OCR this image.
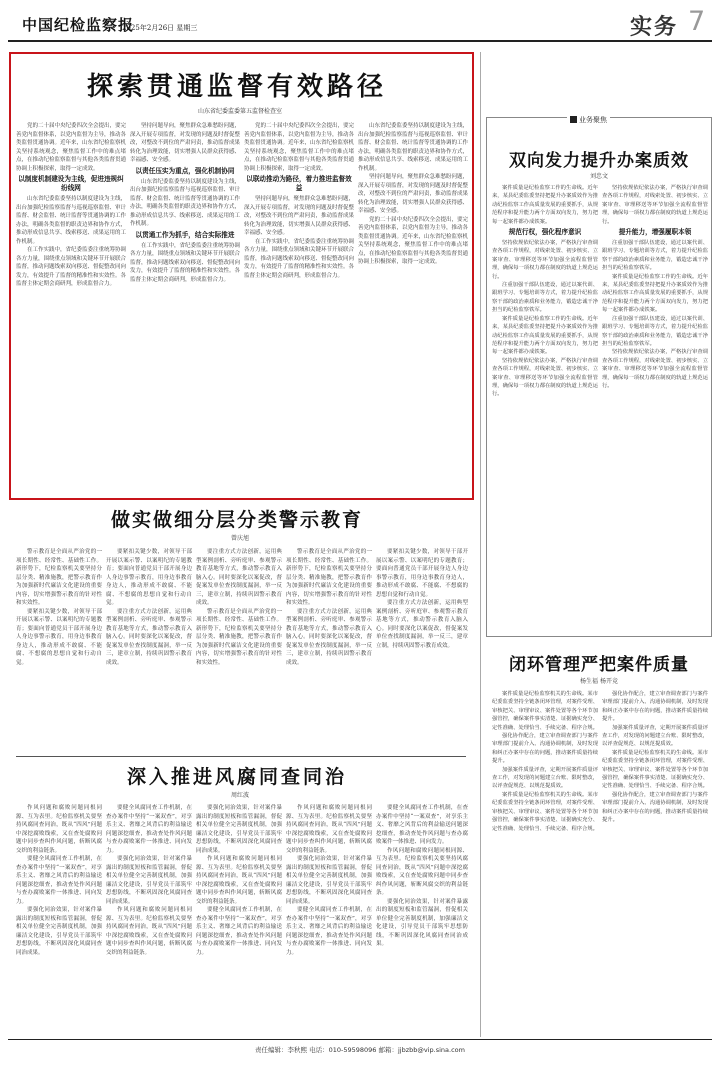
中国纪检监察报
2025年2月26日 星期三	实务 7
探索贯通监督有效路径
山东省纪委监委第五监督检查室

党的二十届中央纪委四次全会提出，要完善党内监督体系，以党内监督为主导，推动各类监督贯通协调。近年来，山东省纪检监察机关坚持系统观念，聚焦监督工作中的难点堵点，在推动纪检监察监督与其他各类监督贯通协调上积极探索，取得一定成效。

以制度机制建设为主线，促进违规纠纷线网

山东省纪委监委坚持以制度建设为主线，出台加强纪检监察监督与巡视巡察监督、审计监督、财会监督、统计监督等贯通协调的工作办法，明确各类监督的职责边界和协作方式，推动形成信息共享、线索移送、成果运用的工作机制。

在工作实践中，省纪委监委注重统筹协调各方力量，围绕重点领域和关键环节开展联合监督，推动问题线索双向移送、督促整改同向发力，有效提升了监督的精准性和实效性。各监督主体定期会商研判，形成监督合力。

坚持问题导向，聚焦群众急难愁盼问题，深入开展专项监督，对发现的问题及时督促整改，对整改不到位的严肃问责，推动监督成果转化为治理效能，切实增强人民群众获得感、幸福感、安全感。

以责任压实为重点，强化机制协同

山东省纪委监委坚持以制度建设为主线，出台加强纪检监察监督与巡视巡察监督、审计监督、财会监督、统计监督等贯通协调的工作办法，明确各类监督的职责边界和协作方式，推动形成信息共享、线索移送、成果运用的工作机制。

以贯通工作为抓手，结合实际推进

在工作实践中，省纪委监委注重统筹协调各方力量，围绕重点领域和关键环节开展联合监督，推动问题线索双向移送、督促整改同向发力，有效提升了监督的精准性和实效性。各监督主体定期会商研判，形成监督合力。

党的二十届中央纪委四次全会提出，要完善党内监督体系，以党内监督为主导，推动各类监督贯通协调。近年来，山东省纪检监察机关坚持系统观念，聚焦监督工作中的难点堵点，在推动纪检监察监督与其他各类监督贯通协调上积极探索，取得一定成效。

以联动推动为路径，着力推进监督效益

坚持问题导向，聚焦群众急难愁盼问题，深入开展专项监督，对发现的问题及时督促整改，对整改不到位的严肃问责，推动监督成果转化为治理效能，切实增强人民群众获得感、幸福感、安全感。

在工作实践中，省纪委监委注重统筹协调各方力量，围绕重点领域和关键环节开展联合监督，推动问题线索双向移送、督促整改同向发力，有效提升了监督的精准性和实效性。各监督主体定期会商研判，形成监督合力。

山东省纪委监委坚持以制度建设为主线，出台加强纪检监察监督与巡视巡察监督、审计监督、财会监督、统计监督等贯通协调的工作办法，明确各类监督的职责边界和协作方式，推动形成信息共享、线索移送、成果运用的工作机制。

坚持问题导向，聚焦群众急难愁盼问题，深入开展专项监督，对发现的问题及时督促整改，对整改不到位的严肃问责，推动监督成果转化为治理效能，切实增强人民群众获得感、幸福感、安全感。

党的二十届中央纪委四次全会提出，要完善党内监督体系，以党内监督为主导，推动各类监督贯通协调。近年来，山东省纪检监察机关坚持系统观念，聚焦监督工作中的难点堵点，在推动纪检监察监督与其他各类监督贯通协调上积极探索，取得一定成效。

做实做细分层分类警示教育
曾庆旭

警示教育是全面从严治党的一项长期性、经常性、基础性工作。新形势下，纪检监察机关要坚持分层分类、精准施教，把警示教育作为加强新时代廉洁文化建设的重要内容，切实增强警示教育的针对性和实效性。

要紧扣关键少数，对领导干部开展以案示警、以案明纪的专题教育；要面向普通党员干部开展身边人身边事警示教育，用身边事教育身边人，推动形成不敢腐、不能腐、不想腐的思想自觉和行动自觉。

要紧扣关键少数，对领导干部开展以案示警、以案明纪的专题教育；要面向普通党员干部开展身边人身边事警示教育，用身边事教育身边人，推动形成不敢腐、不能腐、不想腐的思想自觉和行动自觉。

要注重方式方法创新，运用典型案例剖析、旁听庭审、参观警示教育基地等方式，推动警示教育入脑入心。同时要深化以案促改，督促案发单位查找制度漏洞，举一反三，建章立制，持续巩固警示教育成效。

要注重方式方法创新，运用典型案例剖析、旁听庭审、参观警示教育基地等方式，推动警示教育入脑入心。同时要深化以案促改，督促案发单位查找制度漏洞，举一反三，建章立制，持续巩固警示教育成效。

警示教育是全面从严治党的一项长期性、经常性、基础性工作。新形势下，纪检监察机关要坚持分层分类、精准施教，把警示教育作为加强新时代廉洁文化建设的重要内容，切实增强警示教育的针对性和实效性。

警示教育是全面从严治党的一项长期性、经常性、基础性工作。新形势下，纪检监察机关要坚持分层分类、精准施教，把警示教育作为加强新时代廉洁文化建设的重要内容，切实增强警示教育的针对性和实效性。

要注重方式方法创新，运用典型案例剖析、旁听庭审、参观警示教育基地等方式，推动警示教育入脑入心。同时要深化以案促改，督促案发单位查找制度漏洞，举一反三，建章立制，持续巩固警示教育成效。

要紧扣关键少数，对领导干部开展以案示警、以案明纪的专题教育；要面向普通党员干部开展身边人身边事警示教育，用身边事教育身边人，推动形成不敢腐、不能腐、不想腐的思想自觉和行动自觉。

要注重方式方法创新，运用典型案例剖析、旁听庭审、参观警示教育基地等方式，推动警示教育入脑入心。同时要深化以案促改，督促案发单位查找制度漏洞，举一反三，建章立制，持续巩固警示教育成效。

深入推进风腐同查同治
周红波

作风问题和腐败问题同根同源、互为表里。纪检监察机关要坚持风腐同查同治，既从“四风”问题中深挖腐败线索，又在查处腐败问题中同步查纠作风问题，斩断风腐交织的利益链条。

要健全风腐同查工作机制，在查办案件中坚持“一案双查”，对享乐主义、奢靡之风背后的利益输送问题深挖细查，推动查处作风问题与查办腐败案件一体推进、同向发力。

要强化同治效果，针对案件暴露出的制度短板和监管漏洞，督促相关单位健全完善制度机制，加强廉洁文化建设，引导党员干部筑牢思想防线，不断巩固深化风腐同查同治成果。

要健全风腐同查工作机制，在查办案件中坚持“一案双查”，对享乐主义、奢靡之风背后的利益输送问题深挖细查，推动查处作风问题与查办腐败案件一体推进、同向发力。

要强化同治效果，针对案件暴露出的制度短板和监管漏洞，督促相关单位健全完善制度机制，加强廉洁文化建设，引导党员干部筑牢思想防线，不断巩固深化风腐同查同治成果。

作风问题和腐败问题同根同源、互为表里。纪检监察机关要坚持风腐同查同治，既从“四风”问题中深挖腐败线索，又在查处腐败问题中同步查纠作风问题，斩断风腐交织的利益链条。

要强化同治效果，针对案件暴露出的制度短板和监管漏洞，督促相关单位健全完善制度机制，加强廉洁文化建设，引导党员干部筑牢思想防线，不断巩固深化风腐同查同治成果。

作风问题和腐败问题同根同源、互为表里。纪检监察机关要坚持风腐同查同治，既从“四风”问题中深挖腐败线索，又在查处腐败问题中同步查纠作风问题，斩断风腐交织的利益链条。

要健全风腐同查工作机制，在查办案件中坚持“一案双查”，对享乐主义、奢靡之风背后的利益输送问题深挖细查，推动查处作风问题与查办腐败案件一体推进、同向发力。

作风问题和腐败问题同根同源、互为表里。纪检监察机关要坚持风腐同查同治，既从“四风”问题中深挖腐败线索，又在查处腐败问题中同步查纠作风问题，斩断风腐交织的利益链条。

要强化同治效果，针对案件暴露出的制度短板和监管漏洞，督促相关单位健全完善制度机制，加强廉洁文化建设，引导党员干部筑牢思想防线，不断巩固深化风腐同查同治成果。

要健全风腐同查工作机制，在查办案件中坚持“一案双查”，对享乐主义、奢靡之风背后的利益输送问题深挖细查，推动查处作风问题与查办腐败案件一体推进、同向发力。

要健全风腐同查工作机制，在查办案件中坚持“一案双查”，对享乐主义、奢靡之风背后的利益输送问题深挖细查，推动查处作风问题与查办腐败案件一体推进、同向发力。

作风问题和腐败问题同根同源、互为表里。纪检监察机关要坚持风腐同查同治，既从“四风”问题中深挖腐败线索，又在查处腐败问题中同步查纠作风问题，斩断风腐交织的利益链条。

要强化同治效果，针对案件暴露出的制度短板和监管漏洞，督促相关单位健全完善制度机制，加强廉洁文化建设，引导党员干部筑牢思想防线，不断巩固深化风腐同查同治成果。

业务聚焦
双向发力提升办案质效
刘忠文

案件质量是纪检监察工作的生命线。近年来，某县纪委监委坚持把提升办案质效作为推动纪检监察工作高质量发展的重要抓手，从规范程序和提升能力两个方面双向发力，努力把每一起案件都办成铁案。

规范行权，强化程序意识

坚持依规依纪依法办案，严格执行审查调查各项工作规程，对线索处置、初步核实、立案审查、审理移送等环节加强全流程监督管理，确保每一项权力都在制度的轨道上规范运行。

注重加强干部队伍建设，通过以案代训、跟班学习、专题培训等方式，着力提升纪检监察干部的政治素质和业务能力，锻造忠诚干净担当的纪检监察铁军。

案件质量是纪检监察工作的生命线。近年来，某县纪委监委坚持把提升办案质效作为推动纪检监察工作高质量发展的重要抓手，从规范程序和提升能力两个方面双向发力，努力把每一起案件都办成铁案。

坚持依规依纪依法办案，严格执行审查调查各项工作规程，对线索处置、初步核实、立案审查、审理移送等环节加强全流程监督管理，确保每一项权力都在制度的轨道上规范运行。

坚持依规依纪依法办案，严格执行审查调查各项工作规程，对线索处置、初步核实、立案审查、审理移送等环节加强全流程监督管理，确保每一项权力都在制度的轨道上规范运行。

提升能力，增强履职本领

注重加强干部队伍建设，通过以案代训、跟班学习、专题培训等方式，着力提升纪检监察干部的政治素质和业务能力，锻造忠诚干净担当的纪检监察铁军。

案件质量是纪检监察工作的生命线。近年来，某县纪委监委坚持把提升办案质效作为推动纪检监察工作高质量发展的重要抓手，从规范程序和提升能力两个方面双向发力，努力把每一起案件都办成铁案。

注重加强干部队伍建设，通过以案代训、跟班学习、专题培训等方式，着力提升纪检监察干部的政治素质和业务能力，锻造忠诚干净担当的纪检监察铁军。

坚持依规依纪依法办案，严格执行审查调查各项工作规程，对线索处置、初步核实、立案审查、审理移送等环节加强全流程监督管理，确保每一项权力都在制度的轨道上规范运行。

闭环管理严把案件质量
杨生福 杨开竞

案件质量是纪检监察机关的生命线。某市纪委监委坚持全链条闭环管理，对案件受理、审核把关、审理审议、案件处置等各个环节加强管控，确保案件事实清楚、证据确实充分、定性准确、处理恰当、手续完备、程序合规。

强化协作配合，建立审查调查部门与案件审理部门提前介入、沟通协调机制，及时发现和纠正办案中存在的问题，推动案件质量持续提升。

加强案件质量评查，定期开展案件质量评查工作，对发现的问题建立台账、限时整改，以评查促规范、以规范提质效。

案件质量是纪检监察机关的生命线。某市纪委监委坚持全链条闭环管理，对案件受理、审核把关、审理审议、案件处置等各个环节加强管控，确保案件事实清楚、证据确实充分、定性准确、处理恰当、手续完备、程序合规。

强化协作配合，建立审查调查部门与案件审理部门提前介入、沟通协调机制，及时发现和纠正办案中存在的问题，推动案件质量持续提升。

加强案件质量评查，定期开展案件质量评查工作，对发现的问题建立台账、限时整改，以评查促规范、以规范提质效。

案件质量是纪检监察机关的生命线。某市纪委监委坚持全链条闭环管理，对案件受理、审核把关、审理审议、案件处置等各个环节加强管控，确保案件事实清楚、证据确实充分、定性准确、处理恰当、手续完备、程序合规。

强化协作配合，建立审查调查部门与案件审理部门提前介入、沟通协调机制，及时发现和纠正办案中存在的问题，推动案件质量持续提升。

责任编辑：李秋熙 电话：010-59598096 邮箱：jjbzbb@vip.sina.com
